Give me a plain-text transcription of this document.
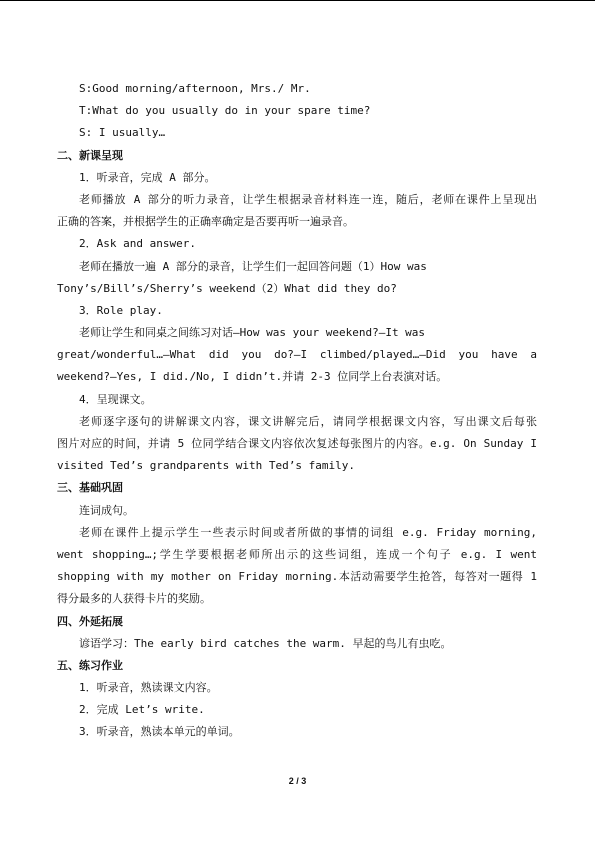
S:Good morning/afternoon, Mrs./ Mr.
T:What do you usually do in your spare time?
S: I usually…
二、新课呈现
1．听录音，完成 A 部分。
老师播放 A 部分的听力录音，让学生根据录音材料连一连，随后，老师在课件上呈现出
正确的答案，并根据学生的正确率确定是否要再听一遍录音。
2．Ask and answer.
老师在播放一遍 A 部分的录音，让学生们一起回答问题（1）How was
Tony’s/Bill’s/Sherry’s weekend（2）What did they do?
3．Role play.
老师让学生和同桌之间练习对话—How was your weekend?—It was
great/wonderful…—What did you do?—I climbed/played…—Did you have a
weekend?—Yes, I did./No, I didn’t.并请 2-3 位同学上台表演对话。
4．呈现课文。
老师逐字逐句的讲解课文内容，课文讲解完后，请同学根据课文内容，写出课文后每张
图片对应的时间，并请 5 位同学结合课文内容依次复述每张图片的内容。e.g. On Sunday I
visited Ted’s grandparents with Ted’s family.
三、基础巩固
连词成句。
老师在课件上提示学生一些表示时间或者所做的事情的词组 e.g. Friday morning,
went shopping…;学生学要根据老师所出示的这些词组，连成一个句子 e.g. I went
shopping with my mother on Friday morning.本活动需要学生抢答，每答对一题得 1
得分最多的人获得卡片的奖励。
四、外延拓展
谚语学习：The early bird catches the warm. 早起的鸟儿有虫吃。
五、练习作业
1．听录音，熟读课文内容。
2．完成 Let’s write.
3．听录音，熟读本单元的单词。
2 / 3
